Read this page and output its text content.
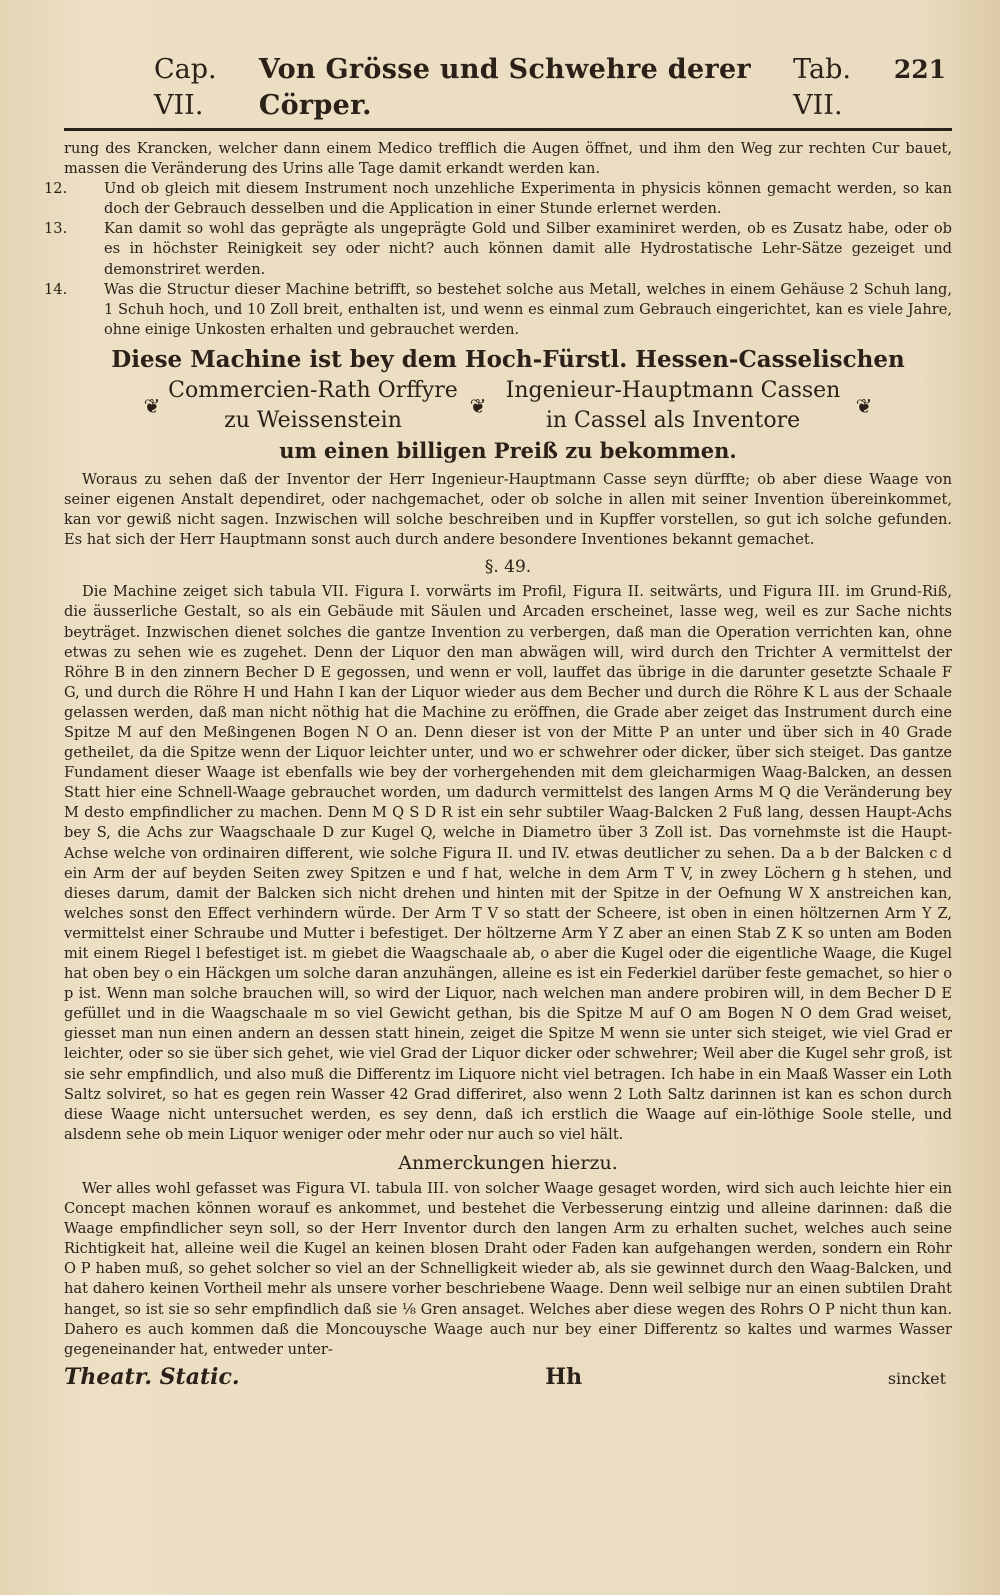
Cap. VII.
Von Grösse und Schwehre derer Cörper.
Tab. VII.
221

rung des Krancken, welcher dann einem Medico trefflich die Augen öffnet, und ihm den Weg zur rechten Cur bauet, massen die Veränderung des Urins alle Tage damit erkandt werden kan.

12.	Und ob gleich mit diesem Instrument noch unzehliche Experimenta in physicis können gemacht werden, so kan doch der Gebrauch desselben und die Application in einer Stunde erlernet werden.

13.	Kan damit so wohl das geprägte als ungeprägte Gold und Silber examiniret werden, ob es Zusatz habe, oder ob es in höchster Reinigkeit sey oder nicht? auch können damit alle Hydrostatische Lehr-Sätze gezeiget und demonstriret werden.

14.	Was die Structur dieser Machine betrifft, so bestehet solche aus Metall, welches in einem Gehäuse 2 Schuh lang, 1 Schuh hoch, und 10 Zoll breit, enthalten ist, und wenn es einmal zum Gebrauch eingerichtet, kan es viele Jahre, ohne einige Unkosten erhalten und gebrauchet werden.

Diese Machine ist bey dem Hoch-Fürstl. Hessen-Casselischen
❦
Commercien-Rath Orffyre
❦
Ingenieur-Hauptmann Cassen
❦
zu Weissenstein	in Cassel als Inventore
um einen billigen Preiß zu bekommen.

Woraus zu sehen daß der Inventor der Herr Ingenieur-Hauptmann Casse seyn dürffte; ob aber diese Waage von seiner eigenen Anstalt dependiret, oder nachgemachet, oder ob solche in allen mit seiner Invention übereinkommet, kan vor gewiß nicht sagen. Inzwischen will solche beschreiben und in Kupffer vorstellen, so gut ich solche gefunden. Es hat sich der Herr Hauptmann sonst auch durch andere besondere Inventiones bekannt gemachet.

§. 49.

Die Machine zeiget sich tabula VII. Figura I. vorwärts im Profil, Figura II. seitwärts, und Figura III. im Grund-Riß, die äusserliche Gestalt, so als ein Gebäude mit Säulen und Arcaden erscheinet, lasse weg, weil es zur Sache nichts beyträget. Inzwischen dienet solches die gantze Invention zu verbergen, daß man die Operation verrichten kan, ohne etwas zu sehen wie es zugehet. Denn der Liquor den man abwägen will, wird durch den Trichter A vermittelst der Röhre B in den zinnern Becher D E gegossen, und wenn er voll, lauffet das übrige in die darunter gesetzte Schaale F G, und durch die Röhre H und Hahn I kan der Liquor wieder aus dem Becher und durch die Röhre K L aus der Schaale gelassen werden, daß man nicht nöthig hat die Machine zu eröffnen, die Grade aber zeiget das Instrument durch eine Spitze M auf den Meßingenen Bogen N O an. Denn dieser ist von der Mitte P an unter und über sich in 40 Grade getheilet, da die Spitze wenn der Liquor leichter unter, und wo er schwehrer oder dicker, über sich steiget. Das gantze Fundament dieser Waage ist ebenfalls wie bey der vorhergehenden mit dem gleicharmigen Waag-Balcken, an dessen Statt hier eine Schnell-Waage gebrauchet worden, um dadurch vermittelst des langen Arms M Q die Veränderung bey M desto empfindlicher zu machen. Denn M Q S D R ist ein sehr subtiler Waag-Balcken 2 Fuß lang, dessen Haupt-Achs bey S, die Achs zur Waagschaale D zur Kugel Q, welche in Diametro über 3 Zoll ist. Das vornehmste ist die Haupt-Achse welche von ordinairen different, wie solche Figura II. und IV. etwas deutlicher zu sehen. Da a b der Balcken c d ein Arm der auf beyden Seiten zwey Spitzen e und f hat, welche in dem Arm T V, in zwey Löchern g h stehen, und dieses darum, damit der Balcken sich nicht drehen und hinten mit der Spitze in der Oefnung W X anstreichen kan, welches sonst den Effect verhindern würde. Der Arm T V so statt der Scheere, ist oben in einen höltzernen Arm Y Z, vermittelst einer Schraube und Mutter i befestiget. Der höltzerne Arm Y Z aber an einen Stab Z K so unten am Boden mit einem Riegel l befestiget ist. m giebet die Waagschaale ab, o aber die Kugel oder die eigentliche Waage, die Kugel hat oben bey o ein Häckgen um solche daran anzuhängen, alleine es ist ein Federkiel darüber feste gemachet, so hier o p ist. Wenn man solche brauchen will, so wird der Liquor, nach welchen man andere probiren will, in dem Becher D E gefüllet und in die Waagschaale m so viel Gewicht gethan, bis die Spitze M auf O am Bogen N O dem Grad weiset, giesset man nun einen andern an dessen statt hinein, zeiget die Spitze M wenn sie unter sich steiget, wie viel Grad er leichter, oder so sie über sich gehet, wie viel Grad der Liquor dicker oder schwehrer; Weil aber die Kugel sehr groß, ist sie sehr empfindlich, und also muß die Differentz im Liquore nicht viel betragen. Ich habe in ein Maaß Wasser ein Loth Saltz solviret, so hat es gegen rein Wasser 42 Grad differiret, also wenn 2 Loth Saltz darinnen ist kan es schon durch diese Waage nicht untersuchet werden, es sey denn, daß ich erstlich die Waage auf ein-löthige Soole stelle, und alsdenn sehe ob mein Liquor weniger oder mehr oder nur auch so viel hält.

Anmerckungen hierzu.

Wer alles wohl gefasset was Figura VI. tabula III. von solcher Waage gesaget worden, wird sich auch leichte hier ein Concept machen können worauf es ankommet, und bestehet die Verbesserung eintzig und alleine darinnen: daß die Waage empfindlicher seyn soll, so der Herr Inventor durch den langen Arm zu erhalten suchet, welches auch seine Richtigkeit hat, alleine weil die Kugel an keinen blosen Draht oder Faden kan aufgehangen werden, sondern ein Rohr O P haben muß, so gehet solcher so viel an der Schnelligkeit wieder ab, als sie gewinnet durch den Waag-Balcken, und hat dahero keinen Vortheil mehr als unsere vorher beschriebene Waage. Denn weil selbige nur an einen subtilen Draht hanget, so ist sie so sehr empfindlich daß sie ⅛ Gren ansaget. Welches aber diese wegen des Rohrs O P nicht thun kan. Dahero es auch kommen daß die Moncouysche Waage auch nur bey einer Differentz so kaltes und warmes Wasser gegeneinander hat, entweder unter-

Theatr. Static.	Hh	sincket
